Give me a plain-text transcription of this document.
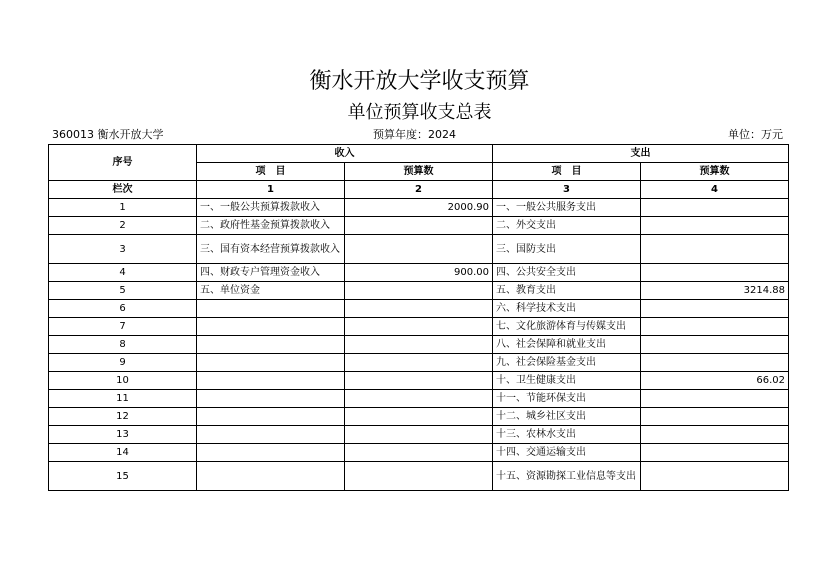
衡水开放大学收支预算
单位预算收支总表
360013 衡水开放大学	预算年度：2024	单位：万元
序号	收入		支出	
	项　目	预算数	项　目	预算数
栏次	1	2	3	4
1	一、一般公共预算拨款收入	2000.90	一、一般公共服务支出	
2	二、政府性基金预算拨款收入		二、外交支出	
3	三、国有资本经营预算拨款收入		三、国防支出	
4	四、财政专户管理资金收入	900.00	四、公共安全支出	
5	五、单位资金		五、教育支出	3214.88
6			六、科学技术支出	
7			七、文化旅游体育与传媒支出	
8			八、社会保障和就业支出	
9			九、社会保险基金支出	
10			十、卫生健康支出	66.02
11			十一、节能环保支出	
12			十二、城乡社区支出	
13			十三、农林水支出	
14			十四、交通运输支出	
15			十五、资源勘探工业信息等支出	
